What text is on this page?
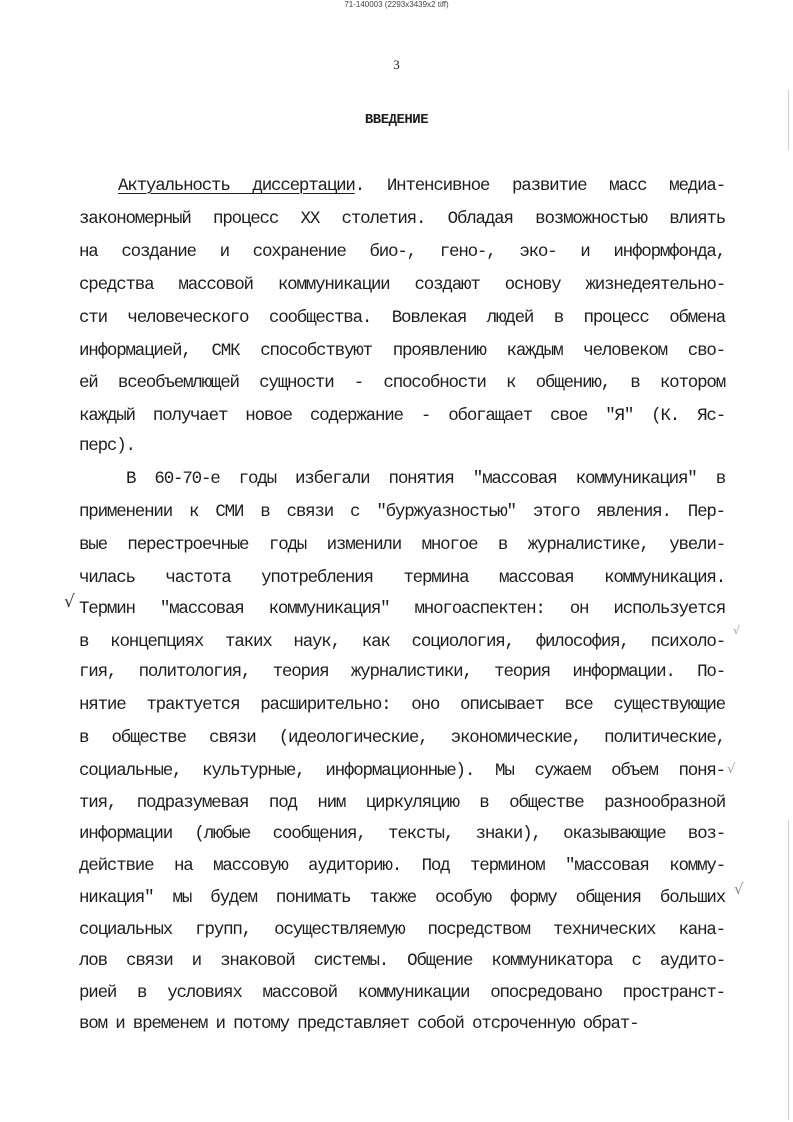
71-140003 (2293x3439x2 tiff)
3
ВВЕДЕНИЕ
Актуальность диссертации. Интенсивное развитие масс медиа-
закономерный процесс XX столетия. Обладая возможностью влиять
на создание и сохранение био-, гено-, эко- и информфонда,
средства массовой коммуникации создают основу жизнедеятельно-
сти человеческого сообщества. Вовлекая людей в процесс обмена
информацией, СМК способствуют проявлению каждым человеком сво-
ей всеобъемлющей сущности - способности к общению, в котором
каждый получает новое содержание - обогащает свое "Я" (К. Яс-
перс).
В 60-70-е годы избегали понятия "массовая коммуникация" в
применении к СМИ в связи с "буржуазностью" этого явления. Пер-
вые перестроечные годы изменили многое в журналистике, увели-
чилась частота употребления термина массовая коммуникация.
Термин "массовая коммуникация" многоаспектен: он используется
в концепциях таких наук, как социология, философия, психоло-
гия, политология, теория журналистики, теория информации. По-
нятие трактуется расширительно: оно описывает все существующие
в обществе связи (идеологические, экономические, политические,
социальные, культурные, информационные). Мы сужаем объем поня-
тия, подразумевая под ним циркуляцию в обществе разнообразной
информации (любые сообщения, тексты, знаки), оказывающие воз-
действие на массовую аудиторию. Под термином "массовая комму-
никация" мы будем понимать также особую форму общения больших
социальных групп, осуществляемую посредством технических кана-
лов связи и знаковой системы. Общение коммуникатора с аудито-
рией в условиях массовой коммуникации опосредовано пространст-
вом и временем и потому представляет собой отсроченную обрат-
√
√
√
√
